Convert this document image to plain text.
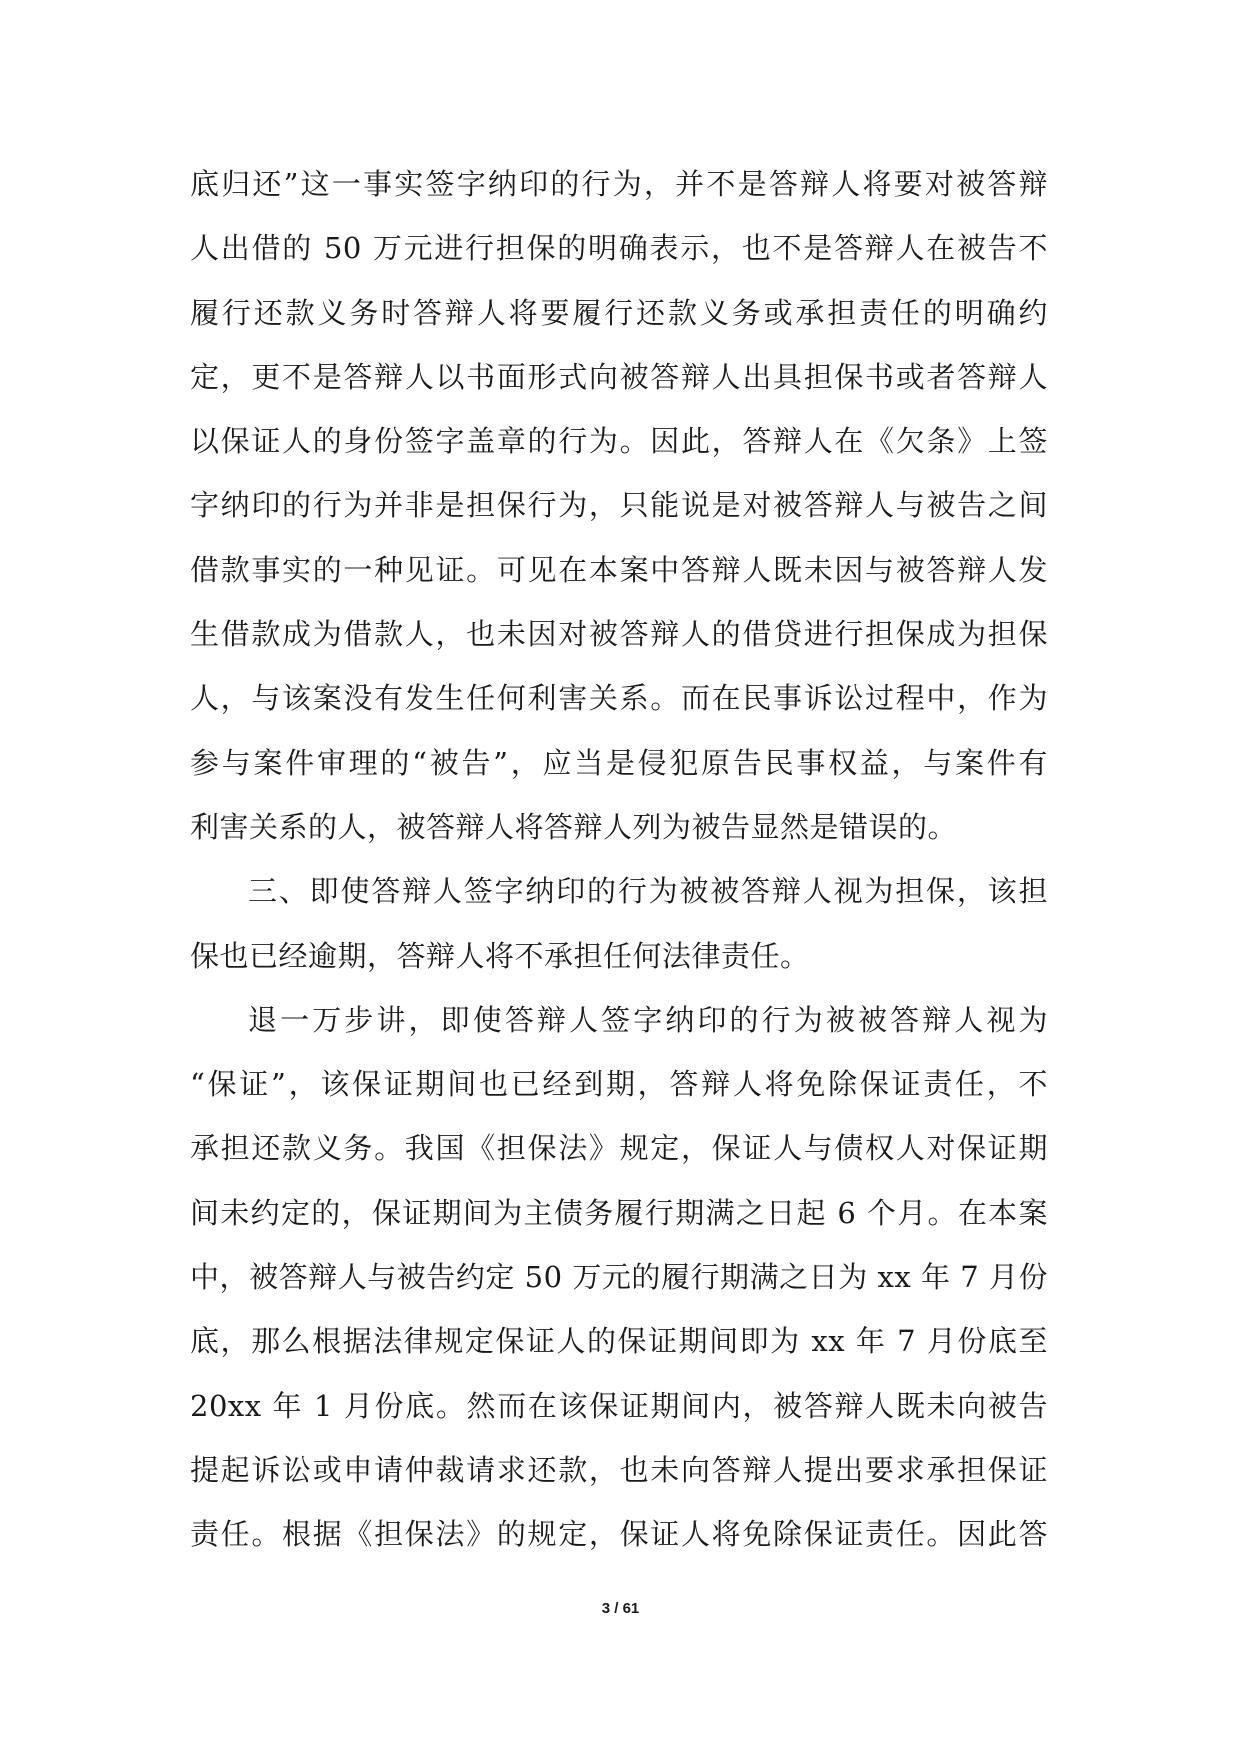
底归还”这一事实签字纳印的行为，并不是答辩人将要对被答辩
人出借的 50 万元进行担保的明确表示，也不是答辩人在被告不
履行还款义务时答辩人将要履行还款义务或承担责任的明确约
定，更不是答辩人以书面形式向被答辩人出具担保书或者答辩人
以保证人的身份签字盖章的行为。因此，答辩人在《欠条》上签
字纳印的行为并非是担保行为，只能说是对被答辩人与被告之间
借款事实的一种见证。可见在本案中答辩人既未因与被答辩人发
生借款成为借款人，也未因对被答辩人的借贷进行担保成为担保
人，与该案没有发生任何利害关系。而在民事诉讼过程中，作为
参与案件审理的“被告”，应当是侵犯原告民事权益，与案件有
利害关系的人，被答辩人将答辩人列为被告显然是错误的。
三、即使答辩人签字纳印的行为被被答辩人视为担保，该担
保也已经逾期，答辩人将不承担任何法律责任。
退一万步讲，即使答辩人签字纳印的行为被被答辩人视为
“保证”，该保证期间也已经到期，答辩人将免除保证责任，不
承担还款义务。我国《担保法》规定，保证人与债权人对保证期
间未约定的，保证期间为主债务履行期满之日起 6 个月。在本案
中，被答辩人与被告约定 50 万元的履行期满之日为 xx 年 7 月份
底，那么根据法律规定保证人的保证期间即为 xx 年 7 月份底至
20xx 年 1 月份底。然而在该保证期间内，被答辩人既未向被告
提起诉讼或申请仲裁请求还款，也未向答辩人提出要求承担保证
责任。根据《担保法》的规定，保证人将免除保证责任。因此答
3 / 61
